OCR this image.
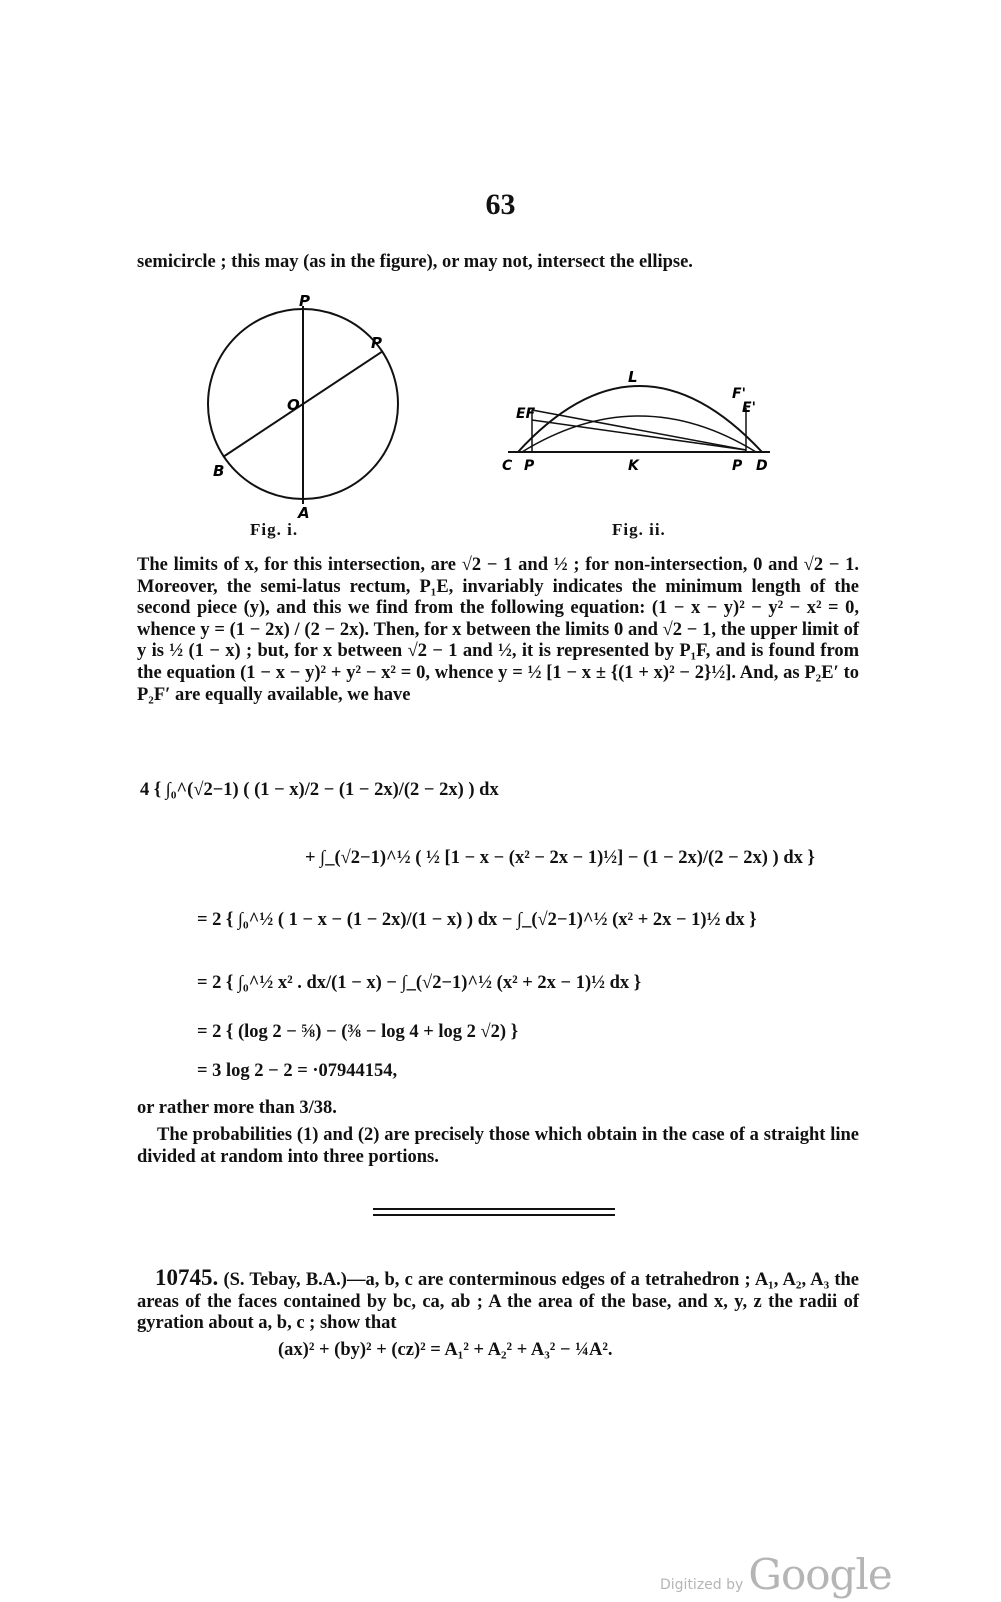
63

semicircle ; this may (as in the figure), or may not, intersect the ellipse.

P
P
O
B
A
Fig. i.
L
EF
F'
E'
C P	K	P D
Fig. ii.

The limits of x, for this intersection, are √2 − 1 and ½ ; for non-intersection, 0 and √2 − 1. Moreover, the semi-latus rectum, P₁E, invariably indicates the minimum length of the second piece (y), and this we find from the following equation: (1 − x − y)² − y² − x² = 0, whence y = (1 − 2x) / (2 − 2x). Then, for x between the limits 0 and √2 − 1, the upper limit of y is ½ (1 − x) ; but, for x between √2 − 1 and ½, it is represented by P₁F, and is found from the equation (1 − x − y)² + y² − x² = 0, whence y = ½ [1 − x ± {(1 + x)² − 2}½]. And, as P₂E′ to P₂F′ are equally available, we have

4 { ∫₀^(√2−1) ( (1 − x)/2 − (1 − 2x)/(2 − 2x) ) dx
+ ∫_(√2−1)^½ ( ½ [1 − x − (x² − 2x − 1)½] − (1 − 2x)/(2 − 2x) ) dx }
= 2 { ∫₀^½ ( 1 − x − (1 − 2x)/(1 − x) ) dx − ∫_(√2−1)^½ (x² + 2x − 1)½ dx }
= 2 { ∫₀^½ x² . dx/(1 − x) − ∫_(√2−1)^½ (x² + 2x − 1)½ dx }
= 2 { (log 2 − ⅝) − (⅜ − log 4 + log 2 √2) }
= 3 log 2 − 2 = ·07944154,

or rather more than 3/38.

The probabilities (1) and (2) are precisely those which obtain in the case of a straight line divided at random into three portions.

10745. (S. Tebay, B.A.)—a, b, c are conterminous edges of a tetrahedron ; A₁, A₂, A₃ the areas of the faces contained by bc, ca, ab ; A the area of the base, and x, y, z the radii of gyration about a, b, c ; show that

(ax)² + (by)² + (cz)² = A₁² + A₂² + A₃² − ¼A².
Digitized by Google
